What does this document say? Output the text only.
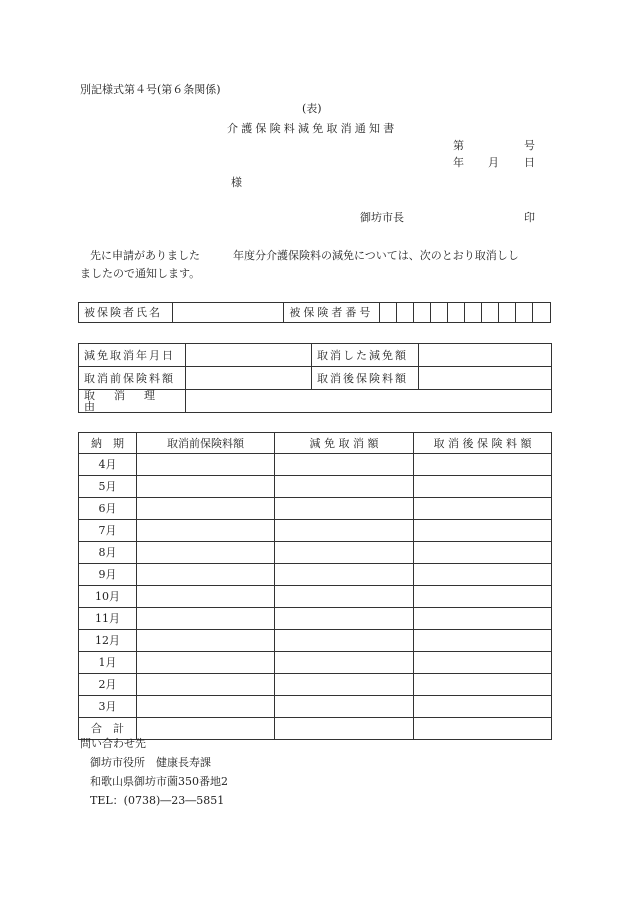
別記様式第４号(第６条関係)
(表)
介護保険料減免取消通知書
第	号
年 月 日
様
御坊市長	印
先に申請がありました　　　年度分介護保険料の減免については、次のとおり取消しし
ましたので通知します。
被保険者氏名		被保険者番号										
減免取消年月日		取消した減免額	
取消前保険料額		取消後保険料額	
取　消　理　由			
納　期	取消前保険料額	減 免 取 消 額	取 消 後 保 険 料 額
4月			
5月			
6月			
7月			
8月			
9月			
10月			
11月			
12月			
1月			
2月			
3月			
合　計			
問い合わせ先
御坊市役所　健康長寿課
和歌山県御坊市薗350番地2
TEL：(0738)―23―5851
